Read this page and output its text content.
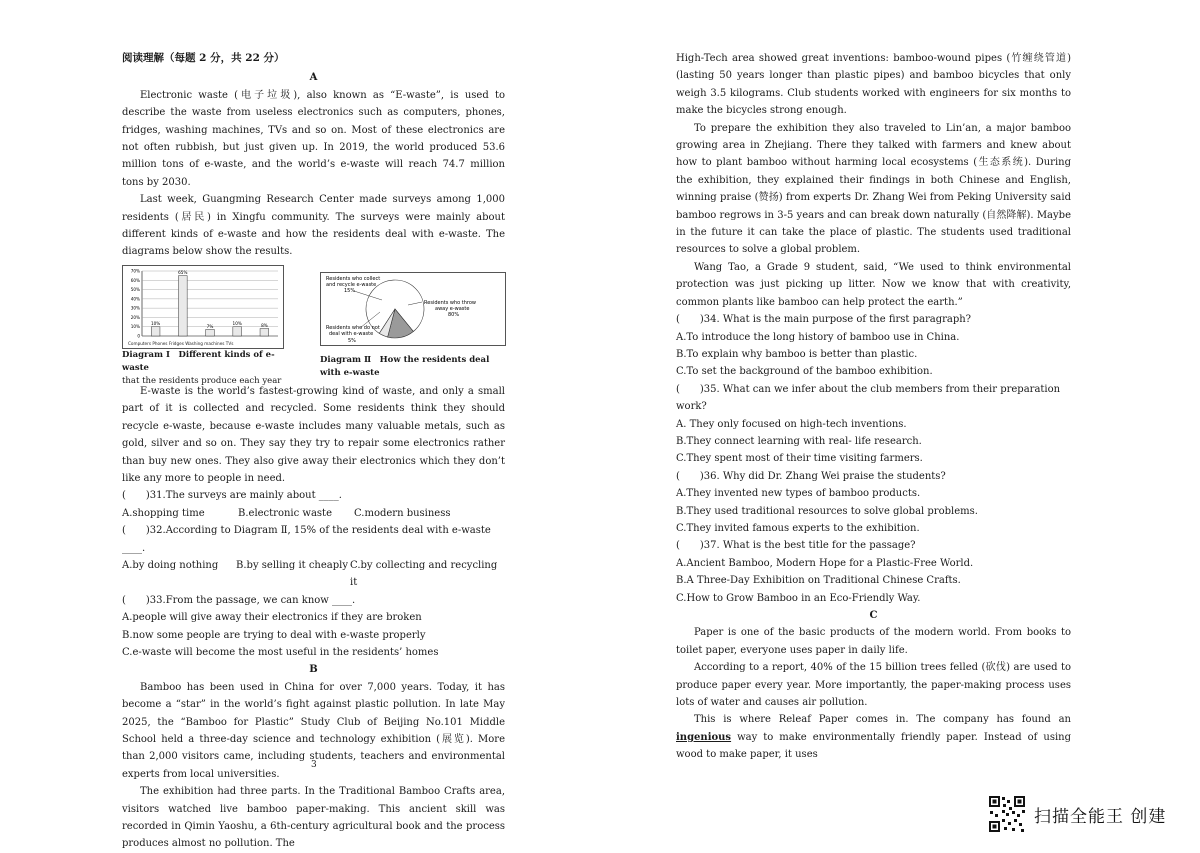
阅读理解（每题 2 分，共 22 分）

A

Electronic waste (电子垃圾), also known as “E-waste”, is used to describe the waste from useless electronics such as computers, phones, fridges, washing machines, TVs and so on. Most of these electronics are not often rubbish, but just given up. In 2019, the world produced 53.6 million tons of e-waste, and the world’s e-waste will reach 74.7 million tons by 2030.

Last week, Guangming Research Center made surveys among 1,000 residents (居民) in Xingfu community. The surveys were mainly about different kinds of e-waste and how the residents deal with e-waste. The diagrams below show the results.

Computers Phones Fridges Washing machines TVs
0
10%
20%
30%
40%
50%
60%
70%
10%
65%
7%
10%	8%
Diagram Ⅰ　Different kinds of e-waste
that the residents produce each year
Residents who collect
and recycle e-waste
15%
Residents who throw
away e-waste
80%
Residents who do not
deal with e-waste
5%
Diagram Ⅱ　How the residents deal with e-waste

E-waste is the world’s fastest-growing kind of waste, and only a small part of it is collected and recycled. Some residents think they should recycle e-waste, because e-waste includes many valuable metals, such as gold, silver and so on. They say they try to repair some electronics rather than buy new ones. They also give away their electronics which they don’t like any more to people in need.

(　　)31.The surveys are mainly about ____.

A.shopping time	B.electronic waste	C.modern business

(　　)32.According to Diagram Ⅱ, 15% of the residents deal with e-waste ____.

A.by doing nothing	B.by selling it cheaply C.by collecting and recycling it

(　　)33.From the passage, we can know ____.

A.people will give away their electronics if they are broken

B.now some people are trying to deal with e-waste properly

C.e-waste will become the most useful in the residents’ homes

B

Bamboo has been used in China for over 7,000 years. Today, it has become a “star” in the world’s fight against plastic pollution. In late May 2025, the “Bamboo for Plastic” Study Club of Beijing No.101 Middle School held a three-day science and technology exhibition (展览). More than 2,000 visitors came, including students, teachers and environmental experts from local universities.

The exhibition had three parts. In the Traditional Bamboo Crafts area, visitors watched live bamboo paper-making. This ancient skill was recorded in Qimin Yaoshu, a 6th-century agricultural book and the process produces almost no pollution. The

3

High-Tech area showed great inventions: bamboo-wound pipes (竹缠绕管道) (lasting 50 years longer than plastic pipes) and bamboo bicycles that only weigh 3.5 kilograms. Club students worked with engineers for six months to make the bicycles strong enough.

To prepare the exhibition they also traveled to Lin’an, a major bamboo growing area in Zhejiang. There they talked with farmers and knew about how to plant bamboo without harming local ecosystems (生态系统). During the exhibition, they explained their findings in both Chinese and English, winning praise (赞扬) from experts Dr. Zhang Wei from Peking University said bamboo regrows in 3-5 years and can break down naturally (自然降解). Maybe in the future it can take the place of plastic. The students used traditional resources to solve a global problem.

Wang Tao, a Grade 9 student, said, “We used to think environmental protection was just picking up litter. Now we know that with creativity, common plants like bamboo can help protect the earth.”

(　　)34. What is the main purpose of the first paragraph?

A.To introduce the long history of bamboo use in China.

B.To explain why bamboo is better than plastic.

C.To set the background of the bamboo exhibition.

(　　)35. What can we infer about the club members from their preparation work?

A. They only focused on high-tech inventions.

B.They connect learning with real- life research.

C.They spent most of their time visiting farmers.

(　　)36. Why did Dr. Zhang Wei praise the students?

A.They invented new types of bamboo products.

B.They used traditional resources to solve global problems.

C.They invited famous experts to the exhibition.

(　　)37. What is the best title for the passage?

A.Ancient Bamboo, Modern Hope for a Plastic-Free World.

B.A Three-Day Exhibition on Traditional Chinese Crafts.

C.How to Grow Bamboo in an Eco-Friendly Way.

C

Paper is one of the basic products of the modern world. From books to toilet paper, everyone uses paper in daily life.

According to a report, 40% of the 15 billion trees felled (砍伐) are used to produce paper every year. More importantly, the paper-making process uses lots of water and causes air pollution.

This is where Releaf Paper comes in. The company has found an ingenious way to make environmentally friendly paper. Instead of using wood to make paper, it uses

扫描全能王 创建
